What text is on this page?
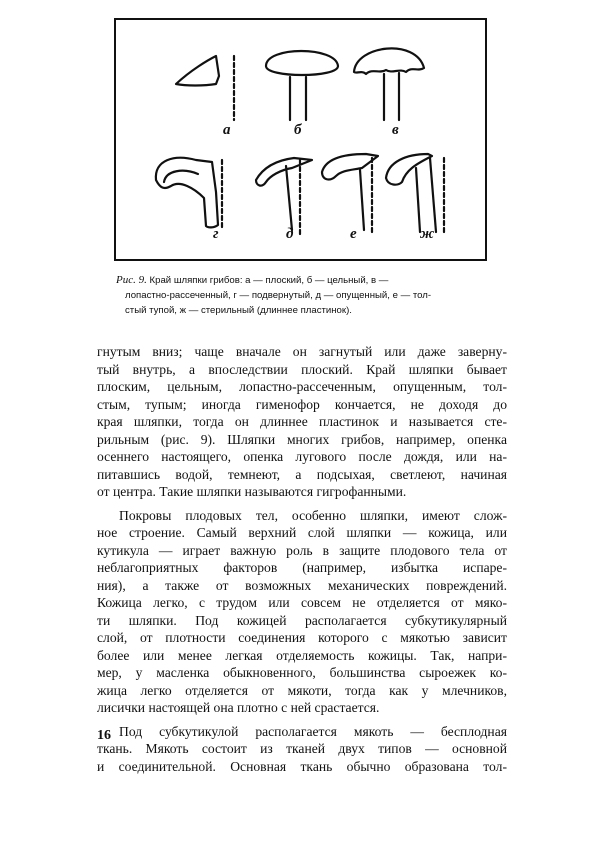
а	б	в
г	д	е	ж
Рис. 9. Край шляпки грибов: а — плоский, б — цельный, в —
лопастно-рассеченный, г — подвернутый, д — опущенный, е — тол-
стый тупой, ж — стерильный (длиннее пластинок).
гнутым вниз; чаще вначале он загнутый или даже заверну-
тый внутрь, а впоследствии плоский. Край шляпки бывает
плоским, цельным, лопастно-рассеченным, опущенным, тол-
стым, тупым; иногда гименофор кончается, не доходя до
края шляпки, тогда он длиннее пластинок и называется сте-
рильным (рис. 9). Шляпки многих грибов, например, опенка
осеннего настоящего, опенка лугового после дождя, или на-
питавшись водой, темнеют, а подсыхая, светлеют, начиная
от центра. Такие шляпки называются гигрофанными.
Покровы плодовых тел, особенно шляпки, имеют слож-
ное строение. Самый верхний слой шляпки — кожица, или
кутикула — играет важную роль в защите плодового тела от
неблагоприятных факторов (например, избытка испаре-
ния), а также от возможных механических повреждений.
Кожица легко, с трудом или совсем не отделяется от мяко-
ти шляпки. Под кожицей располагается субкутикулярный
слой, от плотности соединения которого с мякотью зависит
более или менее легкая отделяемость кожицы. Так, напри-
мер, у масленка обыкновенного, большинства сыроежек ко-
жица легко отделяется от мякоти, тогда как у млечников,
лисички настоящей она плотно с ней срастается.
Под субкутикулой располагается мякоть — бесплодная
ткань. Мякоть состоит из тканей двух типов — основной
и соединительной. Основная ткань обычно образована тол-
16
